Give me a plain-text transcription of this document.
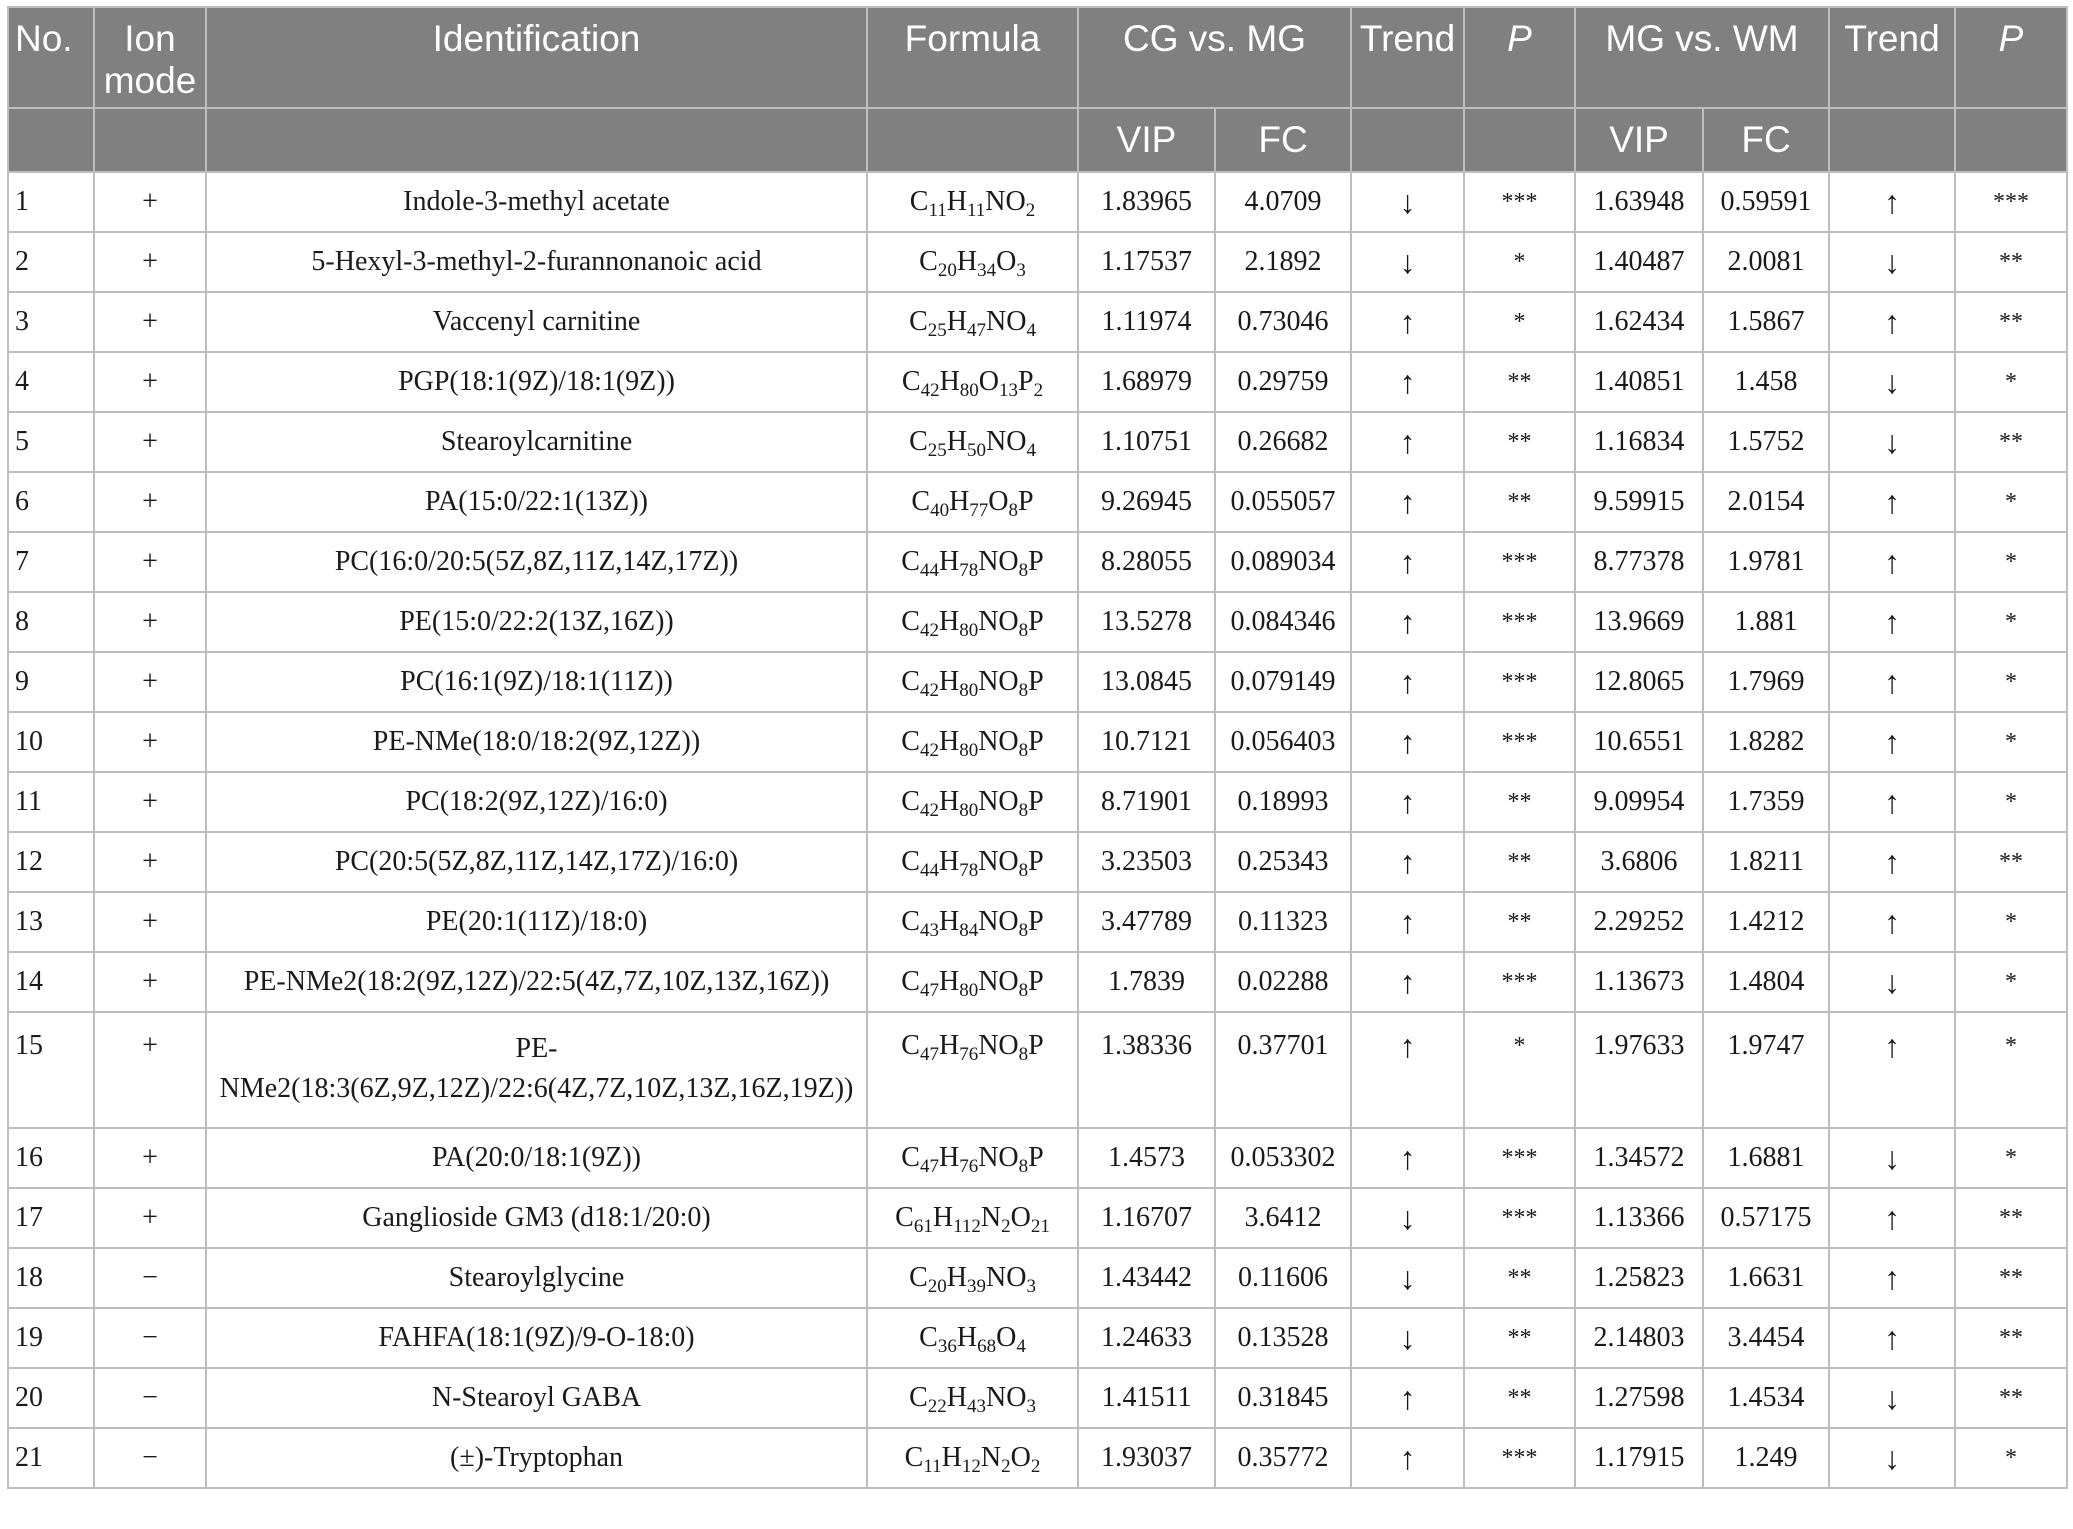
No.	Ion mode	Identification	Formula	CG vs. MG		Trend	P	MG vs. WM		Trend	P
				VIP	FC			VIP	FC		
1	+	Indole-3-methyl acetate	$C_{11}H_{11}NO_2$	1.83965	4.0709	↓	***	1.63948	0.59591	↑	***
2	+	5-Hexyl-3-methyl-2-furannonanoic acid	$C_{20}H_{34}O_3$	1.17537	2.1892	↓	*	1.40487	2.0081	↓	**
3	+	Vaccenyl carnitine	$C_{25}H_{47}NO_4$	1.11974	0.73046	↑	*	1.62434	1.5867	↑	**
4	+	PGP(18:1(9Z)/18:1(9Z))	$C_{42}H_{80}O_{13}P_2$	1.68979	0.29759	↑	**	1.40851	1.458	↓	*
5	+	Stearoylcarnitine	$C_{25}H_{50}NO_4$	1.10751	0.26682	↑	**	1.16834	1.5752	↓	**
6	+	PA(15:0/22:1(13Z))	$C_{40}H_{77}O_8P$	9.26945	0.055057	↑	**	9.59915	2.0154	↑	*
7	+	PC(16:0/20:5(5Z,8Z,11Z,14Z,17Z))	$C_{44}H_{78}NO_8P$	8.28055	0.089034	↑	***	8.77378	1.9781	↑	*
8	+	PE(15:0/22:2(13Z,16Z))	$C_{42}H_{80}NO_8P$	13.5278	0.084346	↑	***	13.9669	1.881	↑	*
9	+	PC(16:1(9Z)/18:1(11Z))	$C_{42}H_{80}NO_8P$	13.0845	0.079149	↑	***	12.8065	1.7969	↑	*
10	+	PE-NMe(18:0/18:2(9Z,12Z))	$C_{42}H_{80}NO_8P$	10.7121	0.056403	↑	***	10.6551	1.8282	↑	*
11	+	PC(18:2(9Z,12Z)/16:0)	$C_{42}H_{80}NO_8P$	8.71901	0.18993	↑	**	9.09954	1.7359	↑	*
12	+	PC(20:5(5Z,8Z,11Z,14Z,17Z)/16:0)	$C_{44}H_{78}NO_8P$	3.23503	0.25343	↑	**	3.6806	1.8211	↑	**
13	+	PE(20:1(11Z)/18:0)	$C_{43}H_{84}NO_8P$	3.47789	0.11323	↑	**	2.29252	1.4212	↑	*
14	+	PE-NMe2(18:2(9Z,12Z)/22:5(4Z,7Z,10Z,13Z,16Z))	$C_{47}H_{80}NO_8P$	1.7839	0.02288	↑	***	1.13673	1.4804	↓	*
15	+	PE-NMe2(18:3(6Z,9Z,12Z)/22:6(4Z,7Z,10Z,13Z,16Z,19Z))	$C_{47}H_{76}NO_8P$	1.38336	0.37701	↑	*	1.97633	1.9747	↑	*
16	+	PA(20:0/18:1(9Z))	$C_{47}H_{76}NO_8P$	1.4573	0.053302	↑	***	1.34572	1.6881	↓	*
17	+	Ganglioside GM3 (d18:1/20:0)	$C_{61}H_{112}N_2O_{21}$	1.16707	3.6412	↓	***	1.13366	0.57175	↑	**
18	−	Stearoylglycine	$C_{20}H_{39}NO_3$	1.43442	0.11606	↓	**	1.25823	1.6631	↑	**
19	−	FAHFA(18:1(9Z)/9-O-18:0)	$C_{36}H_{68}O_4$	1.24633	0.13528	↓	**	2.14803	3.4454	↑	**
20	−	N-Stearoyl GABA	$C_{22}H_{43}NO_3$	1.41511	0.31845	↑	**	1.27598	1.4534	↓	**
21	−	(±)-Tryptophan	$C_{11}H_{12}N_2O_2$	1.93037	0.35772	↑	***	1.17915	1.249	↓	*
